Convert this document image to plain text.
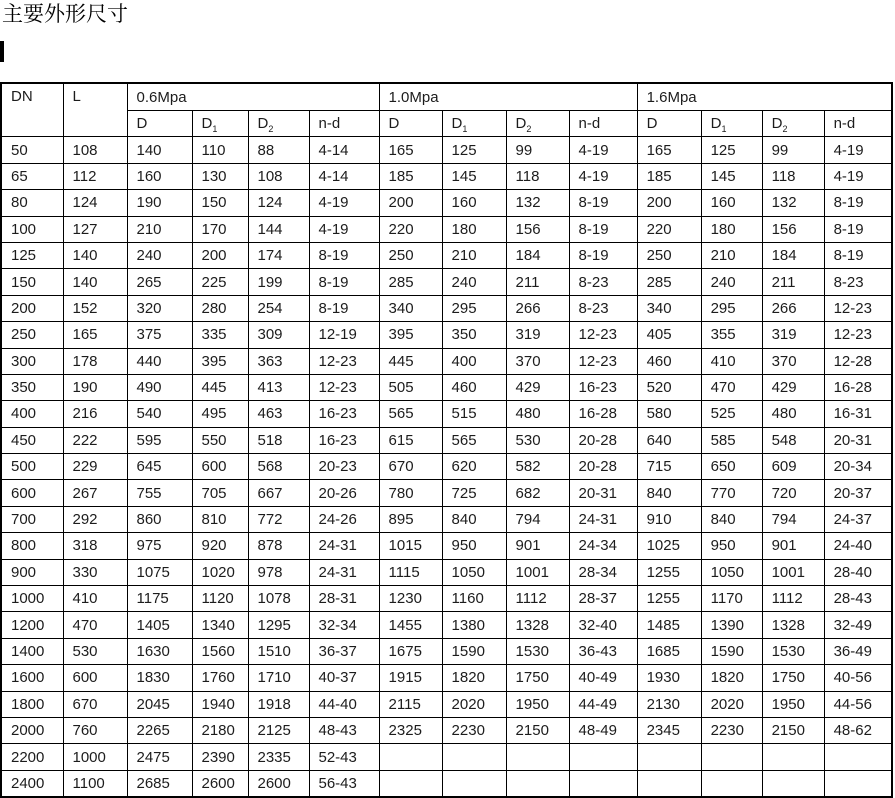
主要外形尺寸
DN	L	0.6Mpa				1.0Mpa				1.6Mpa			
		D	$D_1$	$D_2$	n-d	D	$D_1$	$D_2$	n-d	D	$D_1$	$D_2$	n-d
50	108	140	110	88	4-14	165	125	99	4-19	165	125	99	4-19
65	112	160	130	108	4-14	185	145	118	4-19	185	145	118	4-19
80	124	190	150	124	4-19	200	160	132	8-19	200	160	132	8-19
100	127	210	170	144	4-19	220	180	156	8-19	220	180	156	8-19
125	140	240	200	174	8-19	250	210	184	8-19	250	210	184	8-19
150	140	265	225	199	8-19	285	240	211	8-23	285	240	211	8-23
200	152	320	280	254	8-19	340	295	266	8-23	340	295	266	12-23
250	165	375	335	309	12-19	395	350	319	12-23	405	355	319	12-23
300	178	440	395	363	12-23	445	400	370	12-23	460	410	370	12-28
350	190	490	445	413	12-23	505	460	429	16-23	520	470	429	16-28
400	216	540	495	463	16-23	565	515	480	16-28	580	525	480	16-31
450	222	595	550	518	16-23	615	565	530	20-28	640	585	548	20-31
500	229	645	600	568	20-23	670	620	582	20-28	715	650	609	20-34
600	267	755	705	667	20-26	780	725	682	20-31	840	770	720	20-37
700	292	860	810	772	24-26	895	840	794	24-31	910	840	794	24-37
800	318	975	920	878	24-31	1015	950	901	24-34	1025	950	901	24-40
900	330	1075	1020	978	24-31	1115	1050	1001	28-34	1255	1050	1001	28-40
1000	410	1175	1120	1078	28-31	1230	1160	1112	28-37	1255	1170	1112	28-43
1200	470	1405	1340	1295	32-34	1455	1380	1328	32-40	1485	1390	1328	32-49
1400	530	1630	1560	1510	36-37	1675	1590	1530	36-43	1685	1590	1530	36-49
1600	600	1830	1760	1710	40-37	1915	1820	1750	40-49	1930	1820	1750	40-56
1800	670	2045	1940	1918	44-40	2115	2020	1950	44-49	2130	2020	1950	44-56
2000	760	2265	2180	2125	48-43	2325	2230	2150	48-49	2345	2230	2150	48-62
2200	1000	2475	2390	2335	52-43								
2400	1100	2685	2600	2600	56-43								
